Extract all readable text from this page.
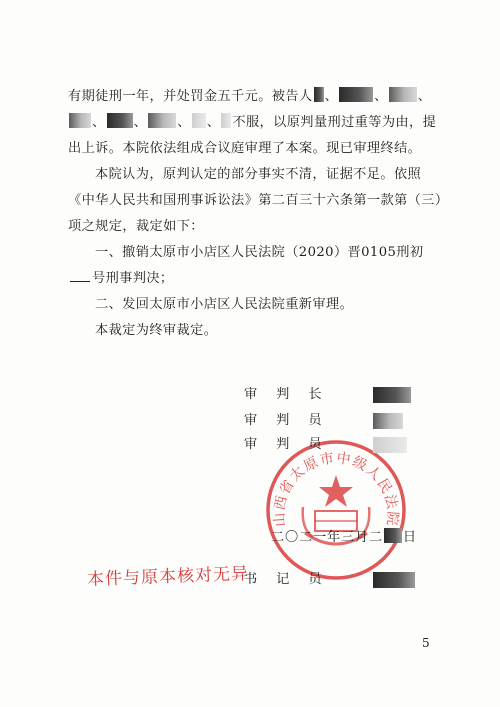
有期徒刑一年，并处罚金五千元。被告人 、	、 、、 、 、 、 不服，以原判量刑过重等为由，提出上诉。本院依法组成合议庭审理了本案。现已审理终结。

本院认为，原判认定的部分事实不清，证据不足。依照《中华人民共和国刑事诉讼法》第二百三十六条第一款第（三）项之规定，裁定如下：

一、撤销太原市小店区人民法院（2020）晋0105刑初号刑事判决；

二、发回太原市小店区人民法院重新审理。

本裁定为终审裁定。

山西省太原市中级人民法院
审判长
审判员
审判员
二〇二一年三月二 日
本件与原本核对无异
书记员
5
